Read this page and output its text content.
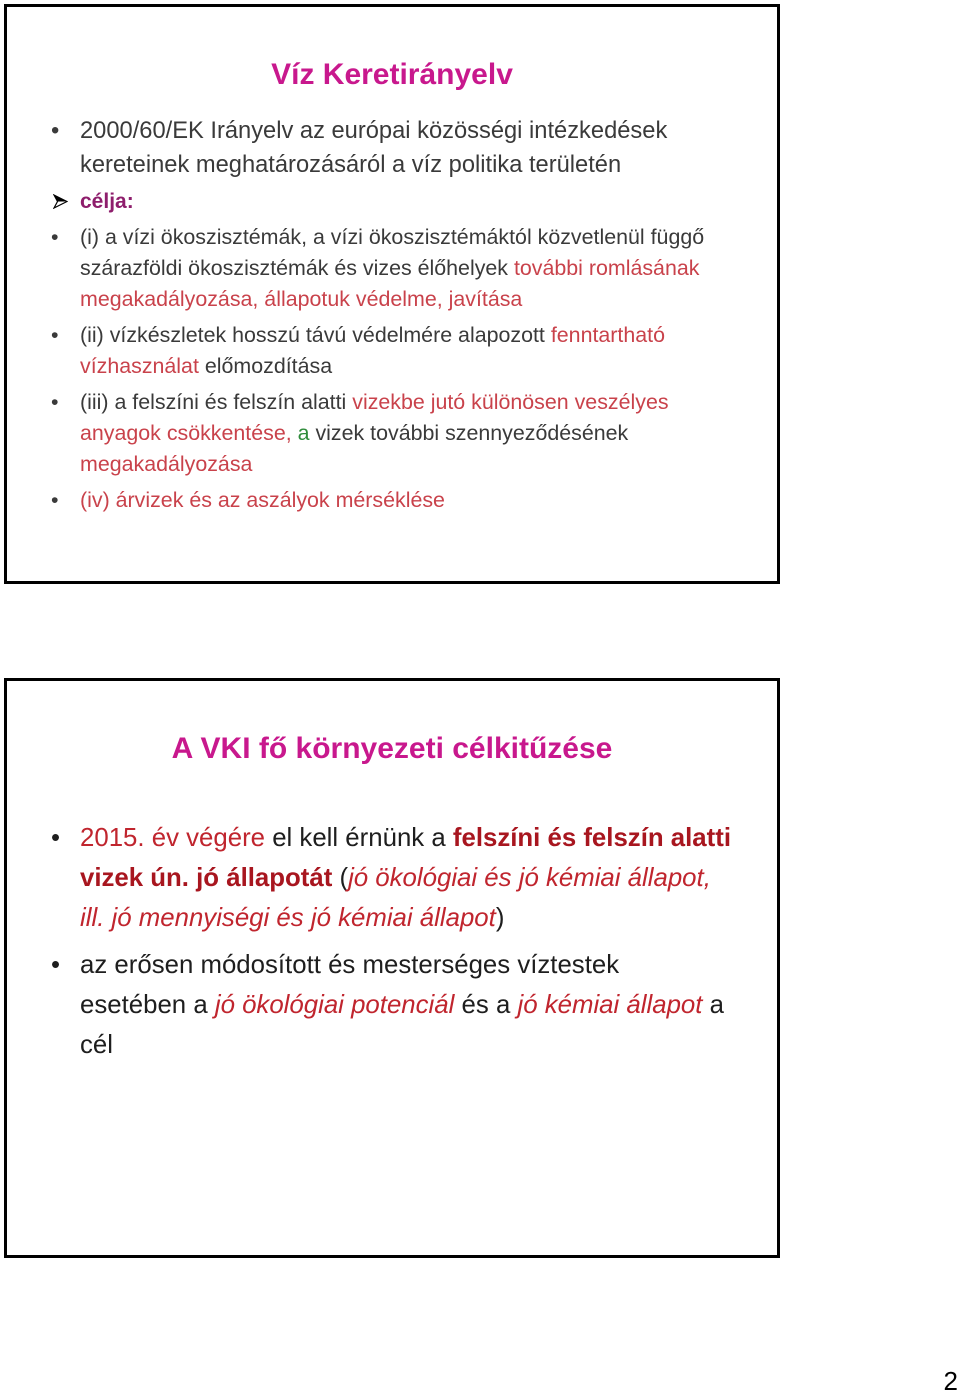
Víz Keretirányelv
• 2000/60/EK Irányelv az európai közösségi intézkedések
kereteinek meghatározásáról a víz politika területén
célja:
• (i) a vízi ökoszisztémák, a vízi ökoszisztémáktól közvetlenül függő
szárazföldi ökoszisztémák és vizes élőhelyek további romlásának
megakadályozása, állapotuk védelme, javítása
• (ii) vízkészletek hosszú távú védelmére alapozott fenntartható
vízhasználat előmozdítása
• (iii) a felszíni és felszín alatti vizekbe jutó különösen veszélyes
anyagok csökkentése, a vizek további szennyeződésének
megakadályozása
• (iv) árvizek és az aszályok mérséklése
A VKI fő környezeti célkitűzése
• 2015. év végére el kell érnünk a felszíni és felszín alatti
vizek ún. jó állapotát (jó ökológiai és jó kémiai állapot,
ill. jó mennyiségi és jó kémiai állapot)
• az erősen módosított és mesterséges víztestek
esetében a jó ökológiai potenciál és a jó kémiai állapot a
cél
2
